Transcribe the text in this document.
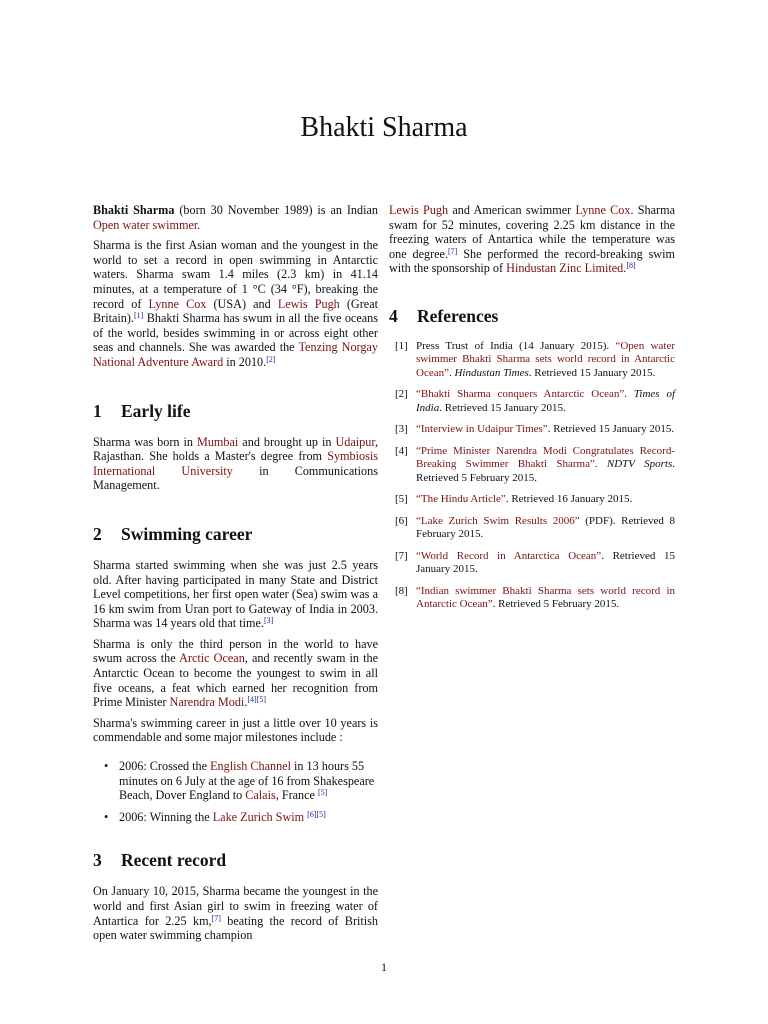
Bhakti Sharma

Bhakti Sharma (born 30 November 1989) is an Indian Open water swimmer.

Sharma is the first Asian woman and the youngest in the world to set a record in open swimming in Antarctic waters. Sharma swam 1.4 miles (2.3 km) in 41.14 minutes, at a temperature of 1 °C (34 °F), breaking the record of Lynne Cox (USA) and Lewis Pugh (Great Britain).[1] Bhakti Sharma has swum in all the five oceans of the world, besides swimming in or across eight other seas and channels. She was awarded the Tenzing Norgay National Adventure Award in 2010.[2]

1 Early life

Sharma was born in Mumbai and brought up in Udaipur, Rajasthan. She holds a Master's degree from Symbiosis International University in Communications Management.

2 Swimming career

Sharma started swimming when she was just 2.5 years old. After having participated in many State and District Level competitions, her first open water (Sea) swim was a 16 km swim from Uran port to Gateway of India in 2003. Sharma was 14 years old that time.[3]

Sharma is only the third person in the world to have swum across the Arctic Ocean, and recently swam in the Antarctic Ocean to become the youngest to swim in all five oceans, a feat which earned her recognition from Prime Minister Narendra Modi.[4][5]

Sharma's swimming career in just a little over 10 years is commendable and some major milestones include :

• 2006: Crossed the English Channel in 13 hours 55 minutes on 6 July at the age of 16 from Shakespeare Beach, Dover England to Calais, France [5]
• 2006: Winning the Lake Zurich Swim [6][5]
3 Recent record

On January 10, 2015, Sharma became the youngest in the world and first Asian girl to swim in freezing water of Antartica for 2.25 km,[7] beating the record of British open water swimming champion

Lewis Pugh and American swimmer Lynne Cox. Sharma swam for 52 minutes, covering 2.25 km distance in the freezing waters of Antartica while the temperature was one degree.[7] She performed the record-breaking swim with the sponsorship of Hindustan Zinc Limited.[8]

4 References
[1] Press Trust of India (14 January 2015). “Open water swimmer Bhakti Sharma sets world record in Antarctic Ocean”. Hindustan Times. Retrieved 15 January 2015.
[2] “Bhakti Sharma conquers Antarctic Ocean”. Times of India. Retrieved 15 January 2015.
[3] “Interview in Udaipur Times”. Retrieved 15 January 2015.
[4] “Prime Minister Narendra Modi Congratulates Record-Breaking Swimmer Bhakti Sharma”. NDTV Sports. Retrieved 5 February 2015.
[5] “The Hindu Article”. Retrieved 16 January 2015.
[6] “Lake Zurich Swim Results 2006” (PDF). Retrieved 8 February 2015.
[7] “World Record in Antarctica Ocean”. Retrieved 15 January 2015.
[8] “Indian swimmer Bhakti Sharma sets world record in Antarctic Ocean”. Retrieved 5 February 2015.
1
